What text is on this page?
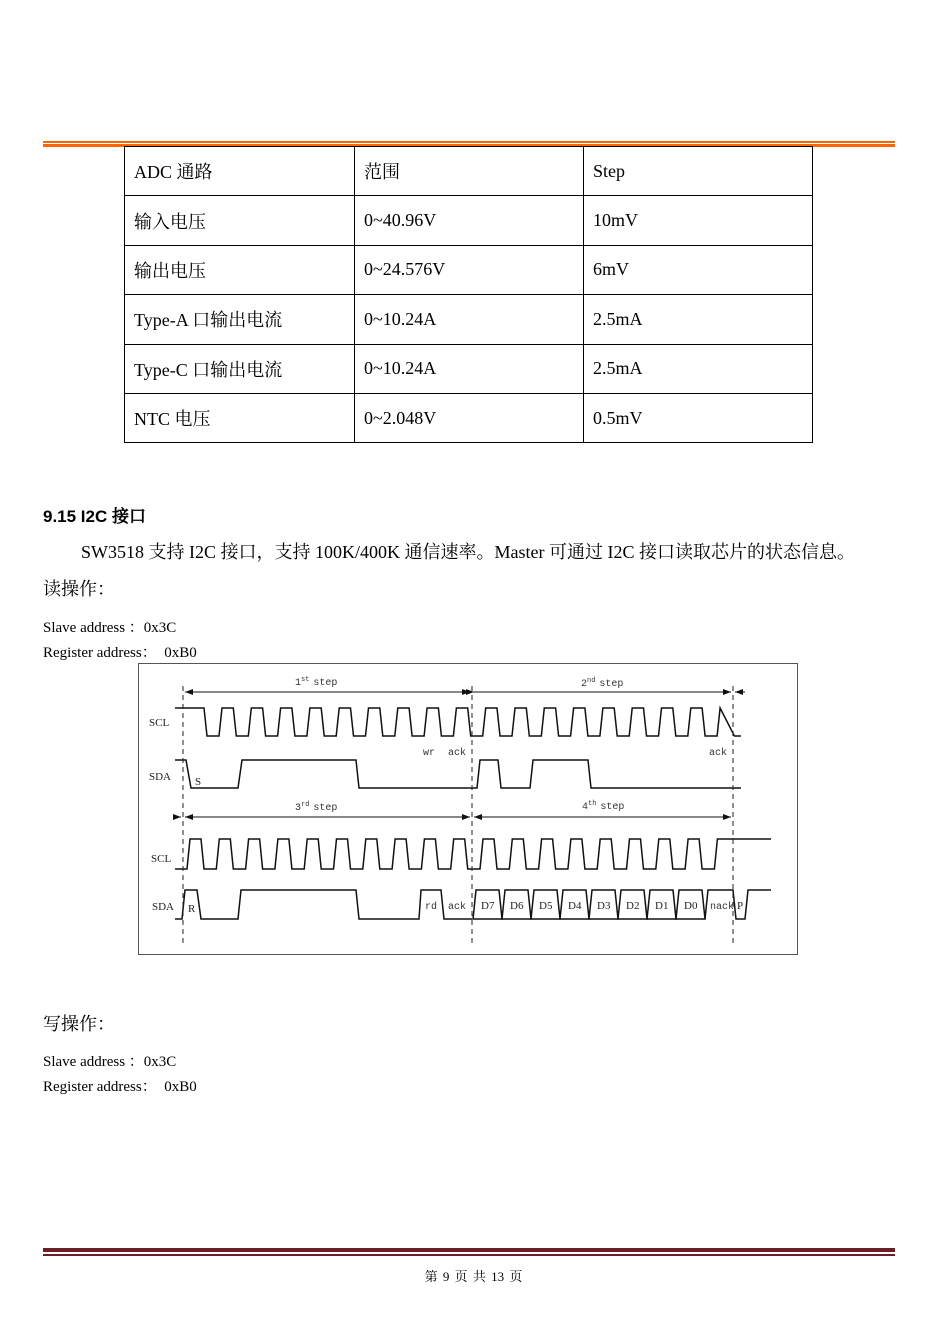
ADC 通路	范围	Step
输入电压	0~40.96V	10mV
输出电压	0~24.576V	6mV
Type-A 口输出电流	0~10.24A	2.5mA
Type-C 口输出电流	0~10.24A	2.5mA
NTC 电压	0~2.048V	0.5mV
9.15 I2C 接口
SW3518 支持 I2C 接口，支持 100K/400K 通信速率。Master 可通过 I2C 接口读取芯片的状态信息。
读操作：
Slave address ：0x3C
Register address：  0xB0
1st step	2nd step
3rd step	4th step
SCL
SDA
SCL
SDA
S
wr ack	ack
R	rd ack	nack P
D7 D6 D5 D4 D3 D2 D1 D0
写操作：
Slave address ：0x3C
Register address：  0xB0
第 9 页 共 13 页
